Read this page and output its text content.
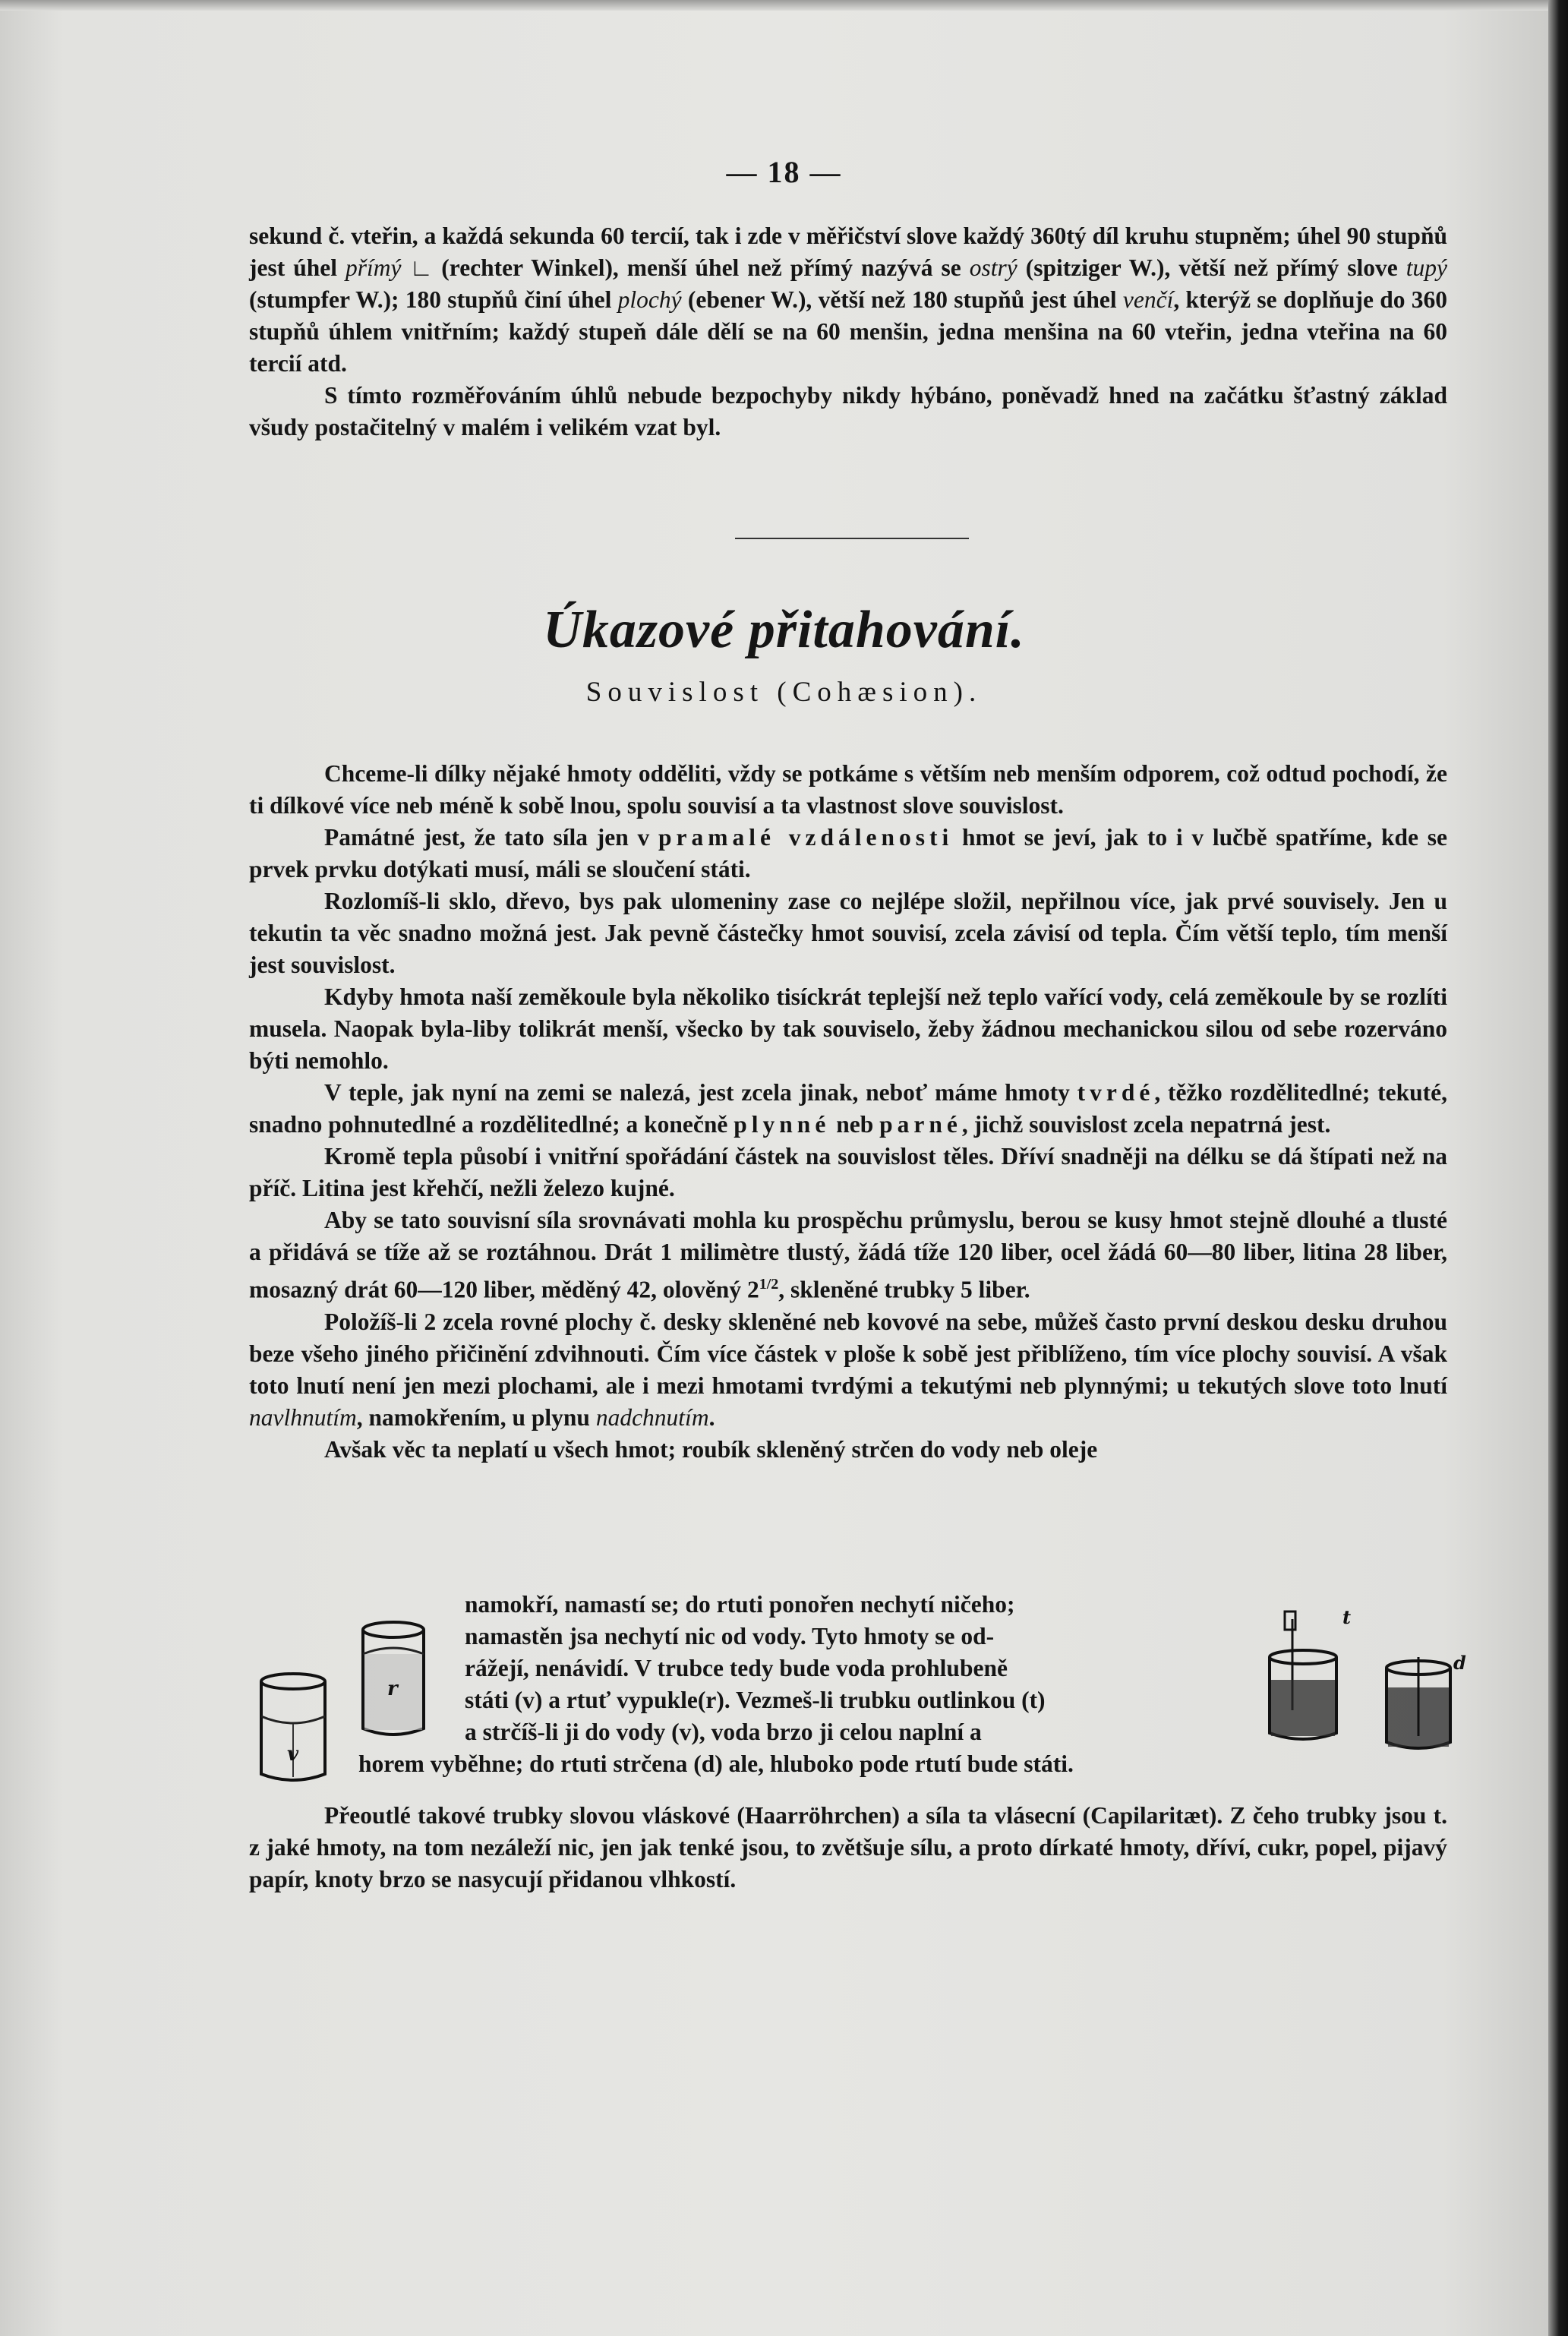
— 18 —

sekund č. vteřin, a každá sekunda 60 tercií, tak i zde v měřičství slove každý 360tý díl kruhu stupněm; úhel 90 stupňů jest úhel přímý ∟ (rechter Winkel), menší úhel než přímý nazývá se ostrý (spitziger W.), větší než přímý slove tupý (stumpfer W.); 180 stupňů činí úhel plochý (ebener W.), větší než 180 stupňů jest úhel venčí, kterýž se doplňuje do 360 stupňů úhlem vnitřním; každý stupeň dále dělí se na 60 menšin, jedna menšina na 60 vteřin, jedna vteřina na 60 tercií atd.

S tímto rozměřováním úhlů nebude bezpochyby nikdy hýbáno, poněvadž hned na začátku šťastný základ všudy postačitelný v malém i velikém vzat byl.

Úkazové přitahování.
Souvislost (Cohæsion).

Chceme-li dílky nějaké hmoty odděliti, vždy se potkáme s větším neb menším odporem, což odtud pochodí, že ti dílkové více neb méně k sobě lnou, spolu souvisí a ta vlastnost slove souvislost.

Památné jest, že tato síla jen v pramalé vzdálenosti hmot se jeví, jak to i v lučbě spatříme, kde se prvek prvku dotýkati musí, máli se sloučení státi.

Rozlomíš-li sklo, dřevo, bys pak ulomeniny zase co nejlépe složil, nepřilnou více, jak prvé souvisely. Jen u tekutin ta věc snadno možná jest. Jak pevně částečky hmot souvisí, zcela závisí od tepla. Čím větší teplo, tím menší jest souvislost.

Kdyby hmota naší zeměkoule byla několiko tisíckrát teplejší než teplo vařící vody, celá zeměkoule by se rozlíti musela. Naopak byla-liby tolikrát menší, všecko by tak souviselo, žeby žádnou mechanickou silou od sebe rozerváno býti nemohlo.

V teple, jak nyní na zemi se nalezá, jest zcela jinak, neboť máme hmoty tvrdé, těžko rozdělitedlné; tekuté, snadno pohnutedlné a rozdělitedlné; a konečně plynné neb parné, jichž souvislost zcela nepatrná jest.

Kromě tepla působí i vnitřní spořádání částek na souvislost těles. Dříví snadněji na délku se dá štípati než na příč. Litina jest křehčí, nežli železo kujné.

Aby se tato souvisní síla srovnávati mohla ku prospěchu průmyslu, berou se kusy hmot stejně dlouhé a tlusté a přidává se tíže až se roztáhnou. Drát 1 milimètre tlustý, žádá tíže 120 liber, ocel žádá 60—80 liber, litina 28 liber, mosazný drát 60—120 liber, měděný 42, olověný $2^{1/2}$, skleněné trubky 5 liber.

Položíš-li 2 zcela rovné plochy č. desky skleněné neb kovové na sebe, můžeš často první deskou desku druhou beze všeho jiného přičinění zdvihnouti. Čím více částek v ploše k sobě jest přiblíženo, tím více plochy souvisí. A však toto lnutí není jen mezi plochami, ale i mezi hmotami tvrdými a tekutými neb plynnými; u tekutých slove toto lnutí navlhnutím, namokřením, u plynu nadchnutím.

Avšak věc ta neplatí u všech hmot; roubík skleněný strčen do vody neb oleje

namokří, namastí se; do rtuti ponořen nechytí ničeho;
namastěn jsa nechytí nic od vody. Tyto hmoty se od-
rážejí, nenávidí. V trubce tedy bude voda prohlubeně
státi (v) a rtuť vypukle(r). Vezmeš-li trubku outlinkou (t)
a strčíš-li ji do vody (v), voda brzo ji celou naplní a
horem vyběhne; do rtuti strčena (d) ale, hluboko pode rtutí bude státi.
v
r
t
d

Přeoutlé takové trubky slovou vláskové (Haarröhrchen) a síla ta vlásecní (Capilaritæt). Z čeho trubky jsou t. z jaké hmoty, na tom nezáleží nic, jen jak tenké jsou, to zvětšuje sílu, a proto dírkaté hmoty, dříví, cukr, popel, pijavý papír, knoty brzo se nasycují přidanou vlhkostí.
